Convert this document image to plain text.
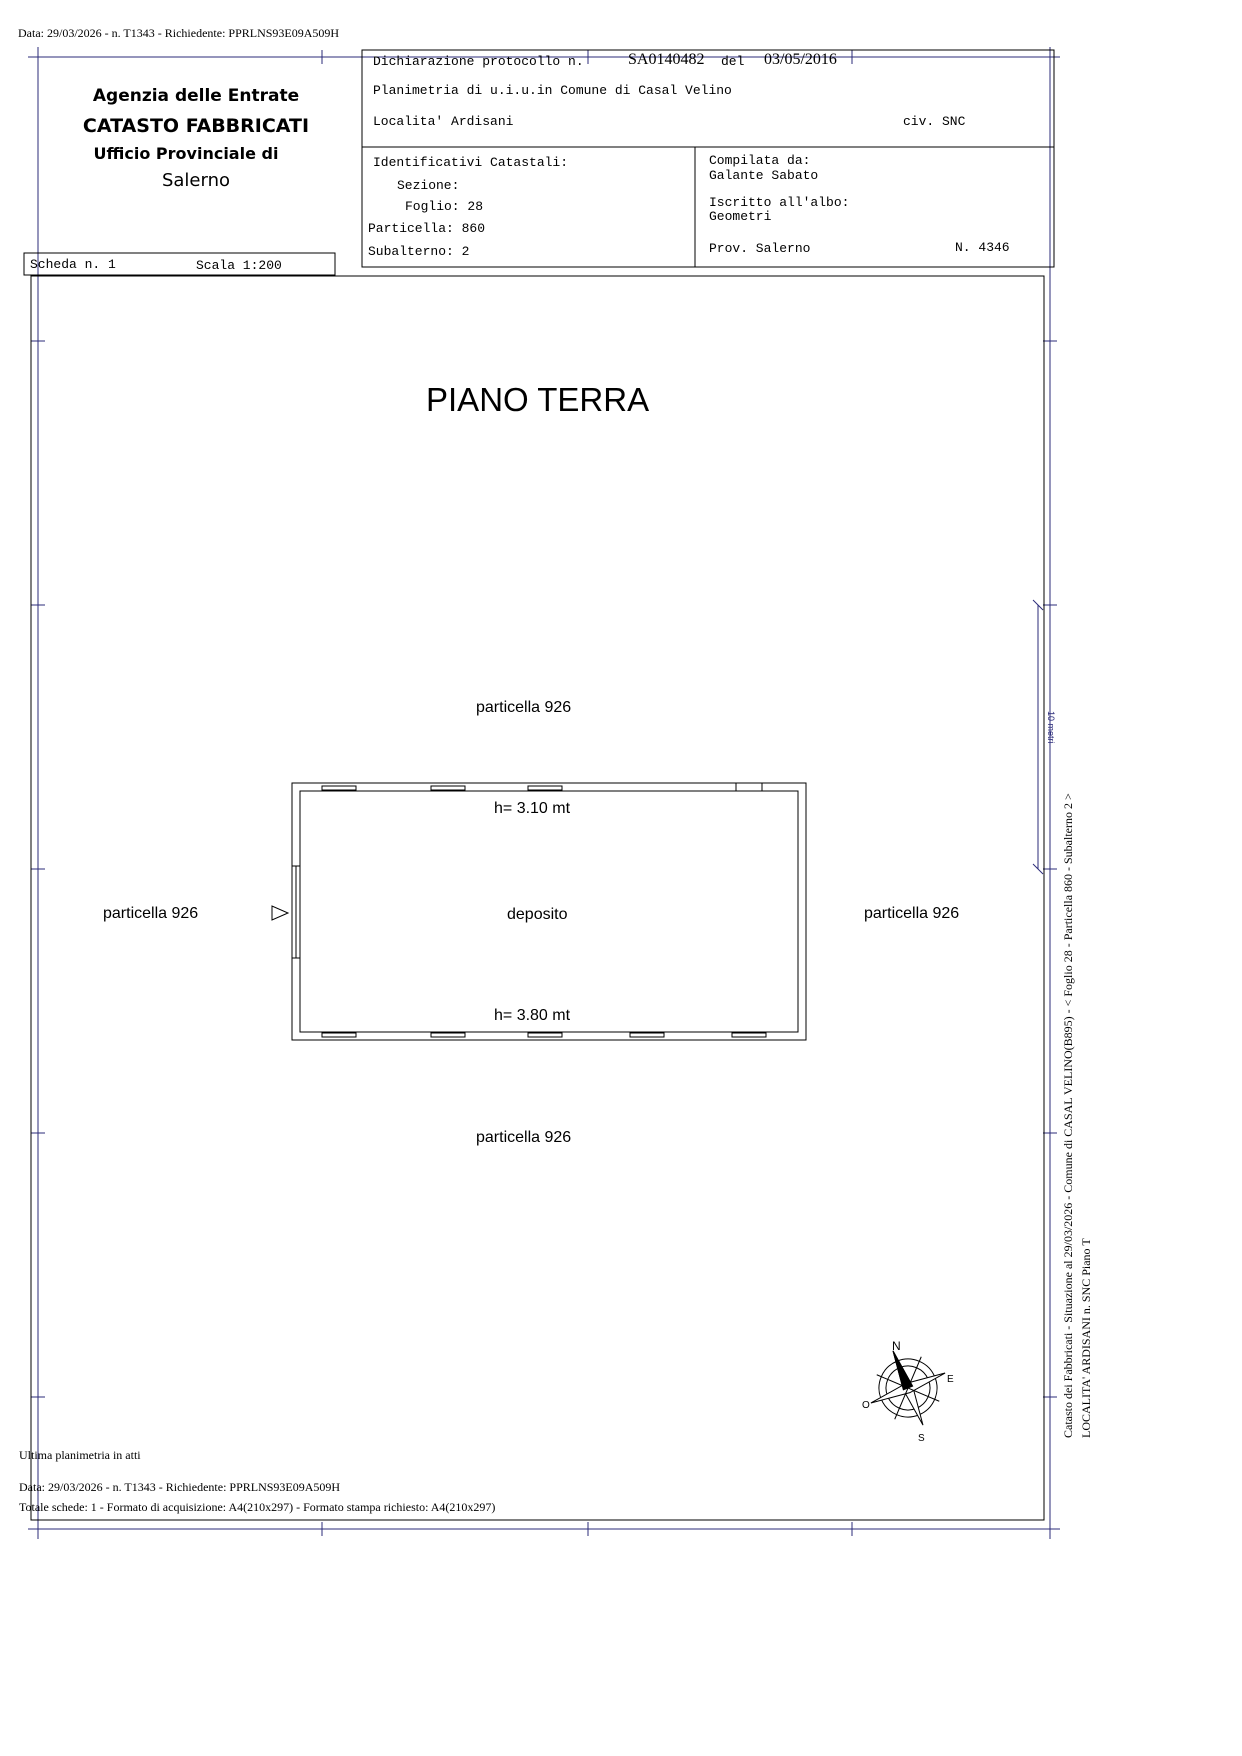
N
E
S
O
10 metri
Catasto dei Fabbricati - Situazione al 29/03/2026 - Comune di CASAL VELINO(B895) - < Foglio 28 - Particella 860 - Subalterno 2 > LOCALITA' ARDISANI n. SNC Piano T
Data: 29/03/2026 - n. T1343 - Richiedente: PPRLNS93E09A509H
Agenzia delle Entrate
CATASTO FABBRICATI
Ufficio Provinciale di
Salerno
Dichiarazione protocollo n.	SA0140482 del 03/05/2016
Planimetria di u.i.u.in Comune di Casal Velino
Localita' Ardisani	civ. SNC
Identificativi Catastali:
Sezione:
Foglio: 28
Particella: 860
Subalterno: 2
Compilata da:
Galante Sabato
Iscritto all'albo:
Geometri
Prov. Salerno	N. 4346
Scheda n. 1	Scala 1:200
PIANO TERRA
particella 926
h= 3.10 mt
particella 926	deposito	particella 926
h= 3.80 mt
particella 926
Ultima planimetria in atti
Data: 29/03/2026 - n. T1343 - Richiedente: PPRLNS93E09A509H
Totale schede: 1 - Formato di acquisizione: A4(210x297) - Formato stampa richiesto: A4(210x297)
